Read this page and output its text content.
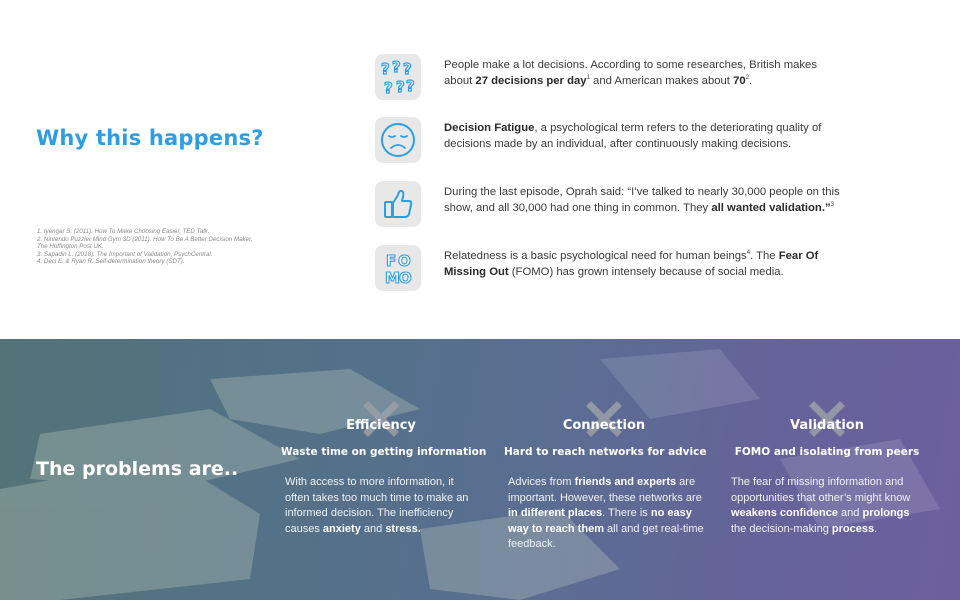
Why this happens?
1. Iyengar S. (2011). How To Make Choosing Easier, TED Talk.
2. Nintendo Puzzler Mind Gym 3D (2011). How To Be A Better Decision Maker,
The Huffington Post UK.
3. Sapadin L. (2018). The Important of Validation, PsychCentral.
4. Deci E. & Ryan R. Self-determination theory (SDT).
? ? ?
? ? ?
People make a lot decisions. According to some researches, British makes about 27 decisions per day$^1$ and American makes about $70^2$.
Decision Fatigue, a psychological term refers to the deteriorating quality of decisions made by an individual, after continuously making decisions.
During the last episode, Oprah said: “I’ve talked to nearly 30,000 people on this show, and all 30,000 had one thing in common. They all wanted validation.”$^3$
F O
M O
Relatedness is a basic psychological need for human beings$^4$. The Fear Of Missing Out (FOMO) has grown intensely because of social media.
The problems are..
$_{Efficiency}$
Waste time on getting information
With access to more information, it often takes too much time to make an informed decision. The inefficiency causes anxiety and stress.
$_{Connection}$
Hard to reach networks for advice
Advices from friends and experts are important. However, these networks are in different places. There is no easy way to reach them all and get real-time feedback.
$_{Validation}$
FOMO and isolating from peers
The fear of missing information and opportunities that other’s might know weakens confidence and prolongs the decision-making process.
